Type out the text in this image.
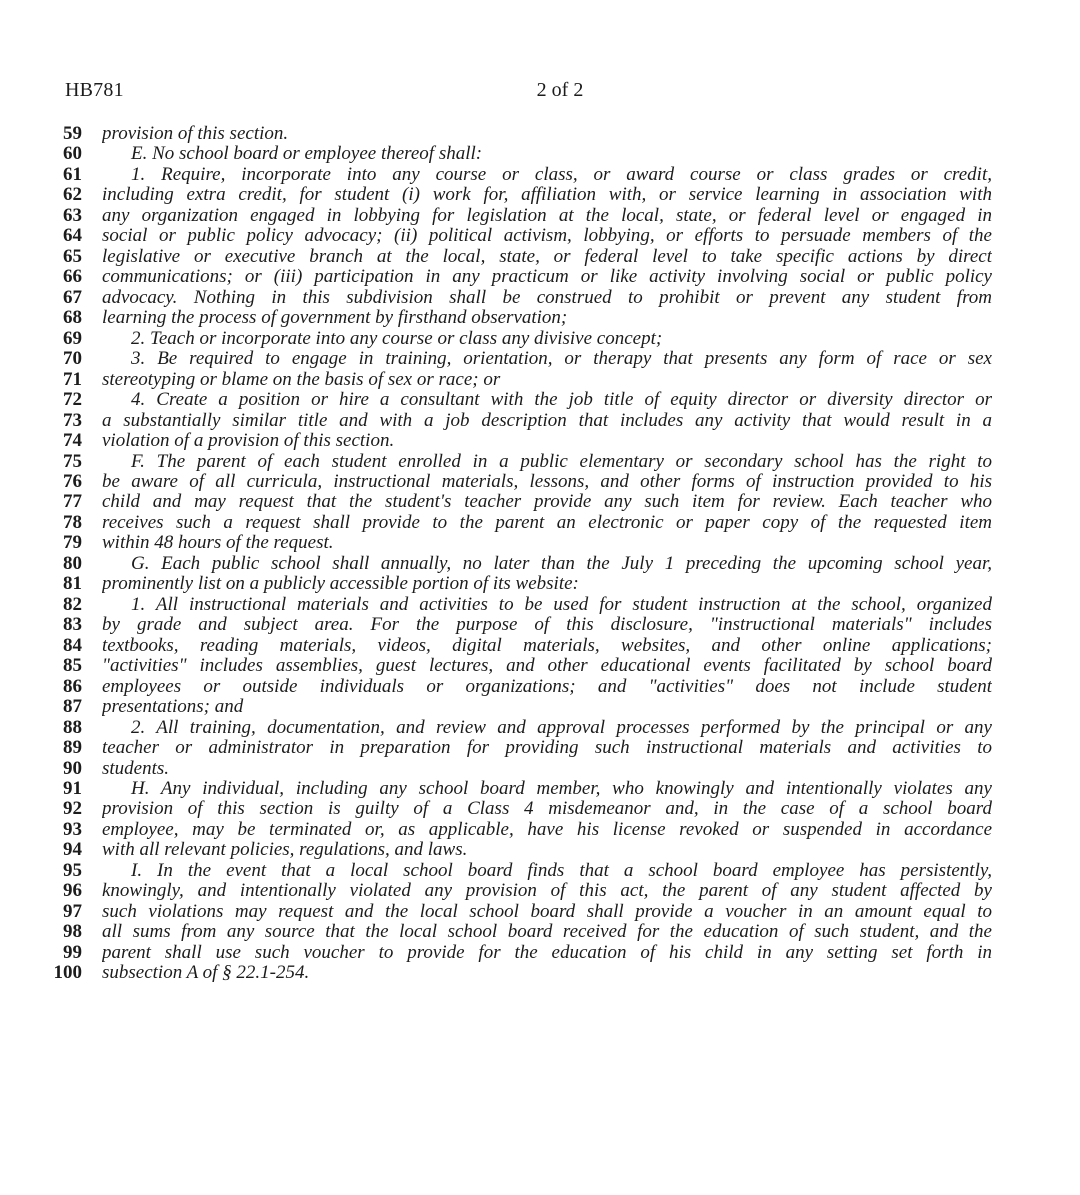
HB781	2 of 2
59 provision of this section.
60	E. No school board or employee thereof shall:
61	1. Require, incorporate into any course or class, or award course or class grades or credit,
62 including extra credit, for student (i) work for, affiliation with, or service learning in association with
63 any organization engaged in lobbying for legislation at the local, state, or federal level or engaged in
64 social or public policy advocacy; (ii) political activism, lobbying, or efforts to persuade members of the
65 legislative or executive branch at the local, state, or federal level to take specific actions by direct
66 communications; or (iii) participation in any practicum or like activity involving social or public policy
67 advocacy. Nothing in this subdivision shall be construed to prohibit or prevent any student from
68 learning the process of government by firsthand observation;
69	2. Teach or incorporate into any course or class any divisive concept;
70	3. Be required to engage in training, orientation, or therapy that presents any form of race or sex
71 stereotyping or blame on the basis of sex or race; or
72	4. Create a position or hire a consultant with the job title of equity director or diversity director or
73 a substantially similar title and with a job description that includes any activity that would result in a
74 violation of a provision of this section.
75	F. The parent of each student enrolled in a public elementary or secondary school has the right to
76 be aware of all curricula, instructional materials, lessons, and other forms of instruction provided to his
77 child and may request that the student's teacher provide any such item for review. Each teacher who
78 receives such a request shall provide to the parent an electronic or paper copy of the requested item
79 within 48 hours of the request.
80	G. Each public school shall annually, no later than the July 1 preceding the upcoming school year,
81 prominently list on a publicly accessible portion of its website:
82	1. All instructional materials and activities to be used for student instruction at the school, organized
83 by grade and subject area. For the purpose of this disclosure, "instructional materials" includes
84 textbooks, reading materials, videos, digital materials, websites, and other online applications;
85 "activities" includes assemblies, guest lectures, and other educational events facilitated by school board
86 employees or outside individuals or organizations; and "activities" does not include student
87 presentations; and
88	2. All training, documentation, and review and approval processes performed by the principal or any
89 teacher or administrator in preparation for providing such instructional materials and activities to
90 students.
91	H. Any individual, including any school board member, who knowingly and intentionally violates any
92 provision of this section is guilty of a Class 4 misdemeanor and, in the case of a school board
93 employee, may be terminated or, as applicable, have his license revoked or suspended in accordance
94 with all relevant policies, regulations, and laws.
95	I. In the event that a local school board finds that a school board employee has persistently,
96 knowingly, and intentionally violated any provision of this act, the parent of any student affected by
97 such violations may request and the local school board shall provide a voucher in an amount equal to
98 all sums from any source that the local school board received for the education of such student, and the
99 parent shall use such voucher to provide for the education of his child in any setting set forth in
100 subsection A of § 22.1-254.
